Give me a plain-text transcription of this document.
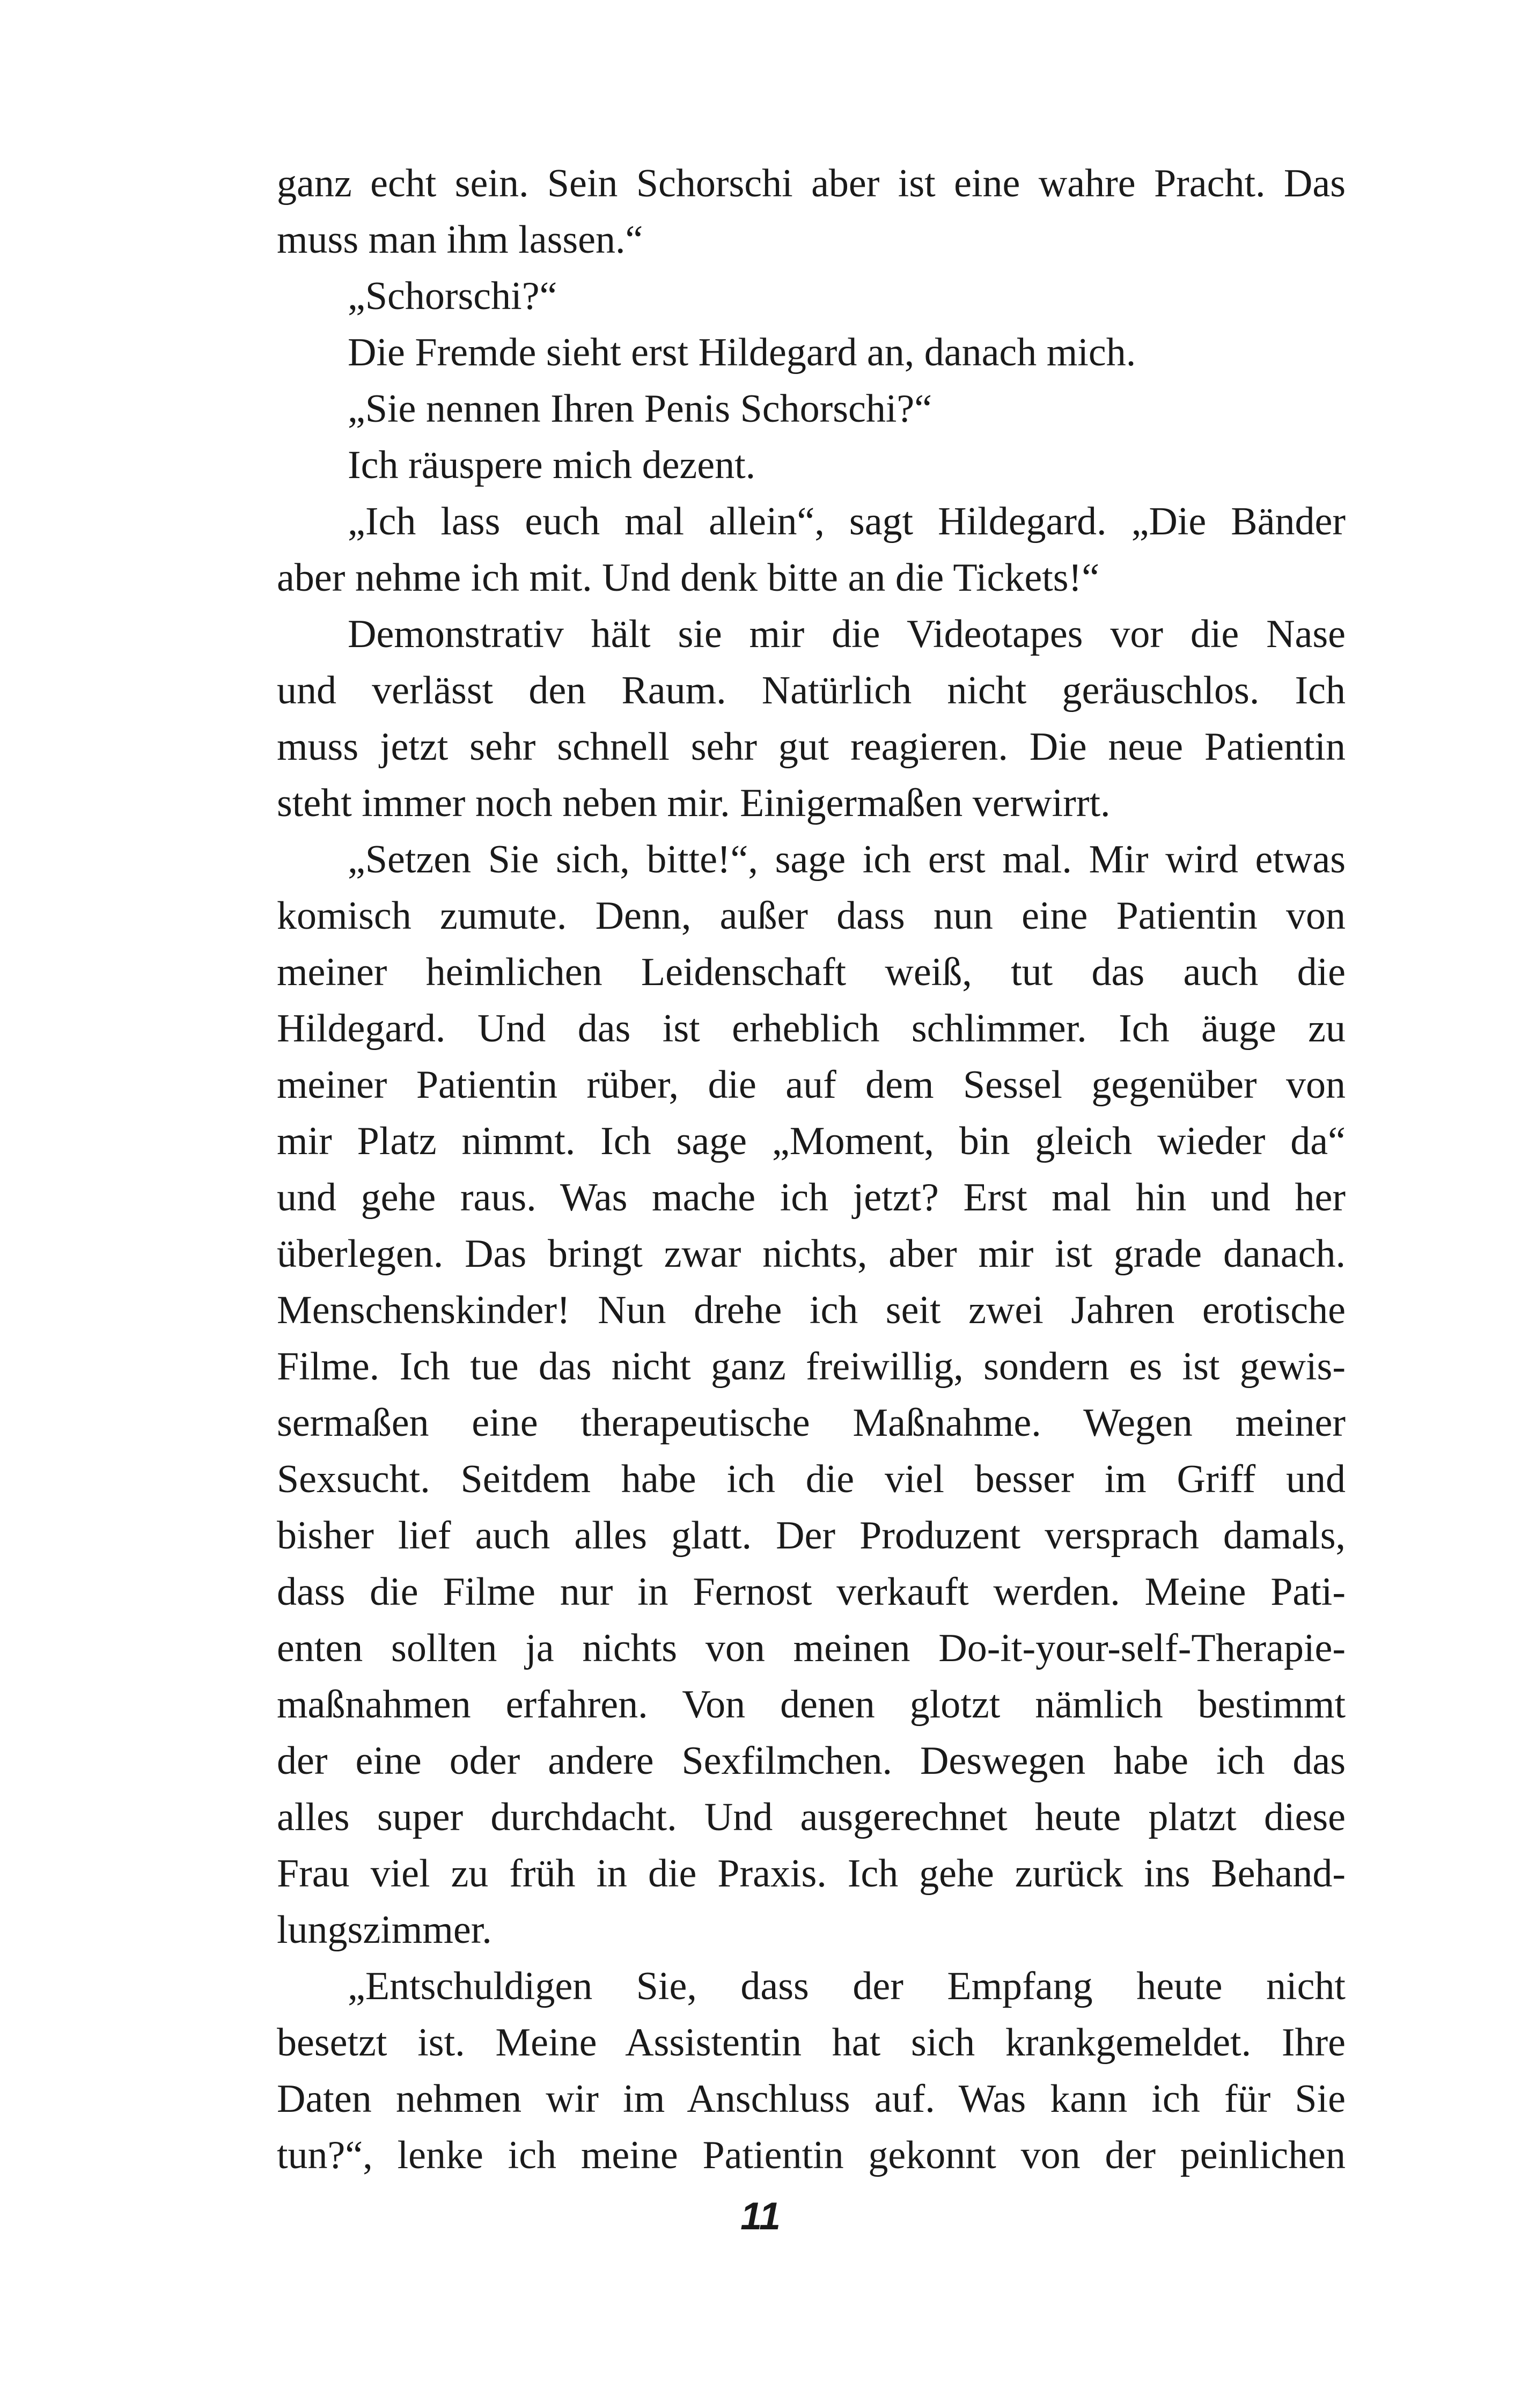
ganz echt sein. Sein Schorschi aber ist eine wahre Pracht. Das
muss man ihm lassen.“
„Schorschi?“
Die Fremde sieht erst Hildegard an, danach mich.
„Sie nennen Ihren Penis Schorschi?“
Ich räuspere mich dezent.
„Ich lass euch mal allein“, sagt Hildegard. „Die Bänder
aber nehme ich mit. Und denk bitte an die Tickets!“
Demonstrativ hält sie mir die Videotapes vor die Nase
und verlässt den Raum. Natürlich nicht geräuschlos. Ich
muss jetzt sehr schnell sehr gut reagieren. Die neue Patientin
steht immer noch neben mir. Einigermaßen verwirrt.
„Setzen Sie sich, bitte!“, sage ich erst mal. Mir wird etwas
komisch zumute. Denn, außer dass nun eine Patientin von
meiner heimlichen Leidenschaft weiß, tut das auch die
Hildegard. Und das ist erheblich schlimmer. Ich äuge zu
meiner Patientin rüber, die auf dem Sessel gegenüber von
mir Platz nimmt. Ich sage „Moment, bin gleich wieder da“
und gehe raus. Was mache ich jetzt? Erst mal hin und her
überlegen. Das bringt zwar nichts, aber mir ist grade danach.
Menschenskinder! Nun drehe ich seit zwei Jahren erotische
Filme. Ich tue das nicht ganz freiwillig, sondern es ist gewis-
sermaßen eine therapeutische Maßnahme. Wegen meiner
Sexsucht. Seitdem habe ich die viel besser im Griff und
bisher lief auch alles glatt. Der Produzent versprach damals,
dass die Filme nur in Fernost verkauft werden. Meine Pati-
enten sollten ja nichts von meinen Do-it-your-self-Therapie-
maßnahmen erfahren. Von denen glotzt nämlich bestimmt
der eine oder andere Sexfilmchen. Deswegen habe ich das
alles super durchdacht. Und ausgerechnet heute platzt diese
Frau viel zu früh in die Praxis. Ich gehe zurück ins Behand-
lungszimmer.
„Entschuldigen Sie, dass der Empfang heute nicht
besetzt ist. Meine Assistentin hat sich krankgemeldet. Ihre
Daten nehmen wir im Anschluss auf. Was kann ich für Sie
tun?“, lenke ich meine Patientin gekonnt von der peinlichen
11
